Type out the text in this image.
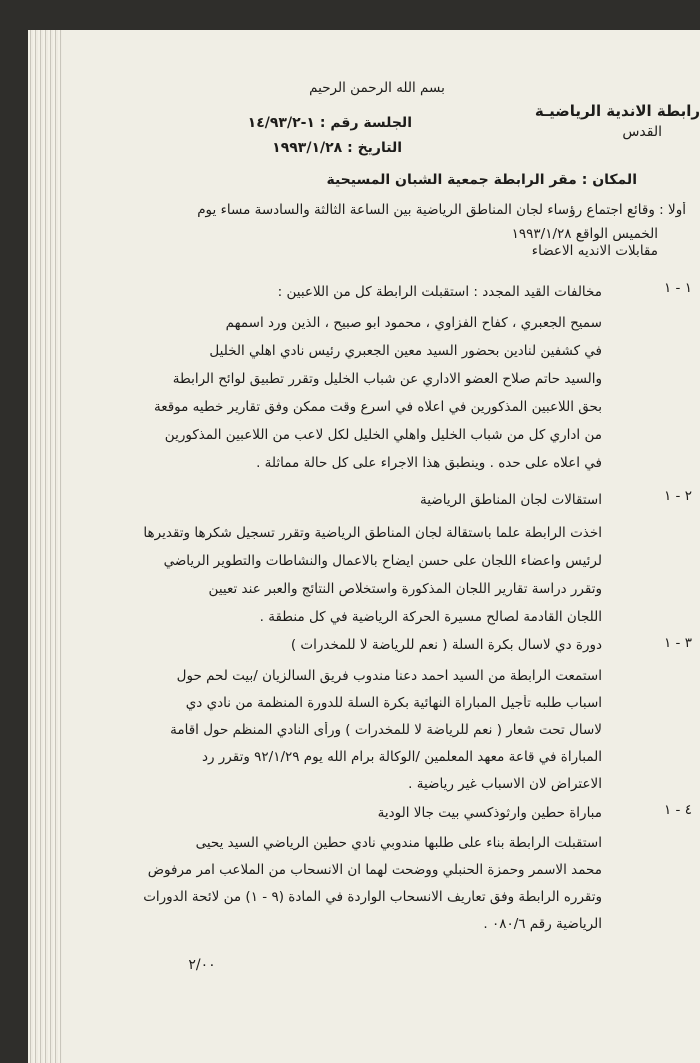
بسم الله الرحمن الرحيم

رابطة الاندية الرياضيـة

القدس

الجلسة رقم : ١-١٤/٩٣/٢

التاريخ : ١٩٩٣/١/٢٨

المكان : مقر الرابطة جمعية الشبان المسيحية

أولا : وقائع اجتماع رؤساء لجان المناطق الرياضية بين الساعة الثالثة والسادسة مساء يوم

الخميس الواقع ١٩٩٣/١/٢٨

مقابلات الانديه الاعضاء

١ - ١

مخالفات القيد المجدد : استقبلت الرابطة كل من اللاعبين :

سميح الجعبري ، كفاح الفزاوي ، محمود ابو صبيح ، الذين ورد اسمهم

في كشفين لنادين بحضور السيد معين الجعبري رئيس نادي اهلي الخليل

والسيد حاتم صلاح العضو الاداري عن شباب الخليل وتقرر تطبيق لوائح الرابطة

بحق اللاعبين المذكورين في اعلاه في اسرع وقت ممكن وفق تقارير خطيه موقعة

من اداري كل من شباب الخليل واهلي الخليل لكل لاعب من اللاعبين المذكورين

في اعلاه على حده . وينطبق هذا الاجراء على كل حالة مماثلة .

٢ - ١

استقالات لجان المناطق الرياضية

اخذت الرابطة علما باستقالة لجان المناطق الرياضية وتقرر تسجيل شكرها وتقديرها

لرئيس واعضاء اللجان على حسن ايضاح بالاعمال والنشاطات والتطوير الرياضي

وتقرر دراسة تقارير اللجان المذكورة واستخلاص النتائج والعبر عند تعيين

اللجان القادمة لصالح مسيرة الحركة الرياضية في كل منطقة .

٣ - ١

دورة دي لاسال بكرة السلة ( نعم للرياضة لا للمخدرات )

استمعت الرابطة من السيد احمد دعنا مندوب فريق السالزيان /بيت لحم حول

اسباب طلبه تأجيل المباراة النهائية بكرة السلة للدورة المنظمة من نادي دي

لاسال تحت شعار ( نعم للرياضة لا للمخدرات ) ورأى النادي المنظم حول اقامة

المباراة في قاعة معهد المعلمين /الوكالة برام الله يوم ٩٢/١/٢٩ وتقرر رد

الاعتراض لان الاسباب غير رياضية .

٤ - ١

مباراة حطين وارثوذكسي بيت جالا الودية

استقبلت الرابطة بناء على طلبها مندوبي نادي حطين الرياضي السيد يحيى

محمد الاسمر وحمزة الحنبلي ووضحت لهما ان الانسحاب من الملاعب امر مرفوض

وتقرره الرابطة وفق تعاريف الانسحاب الواردة في المادة (٩ - ١) من لائحة الدورات

الرياضية رقم ٠٨٠/٦ .

٢/٠٠
